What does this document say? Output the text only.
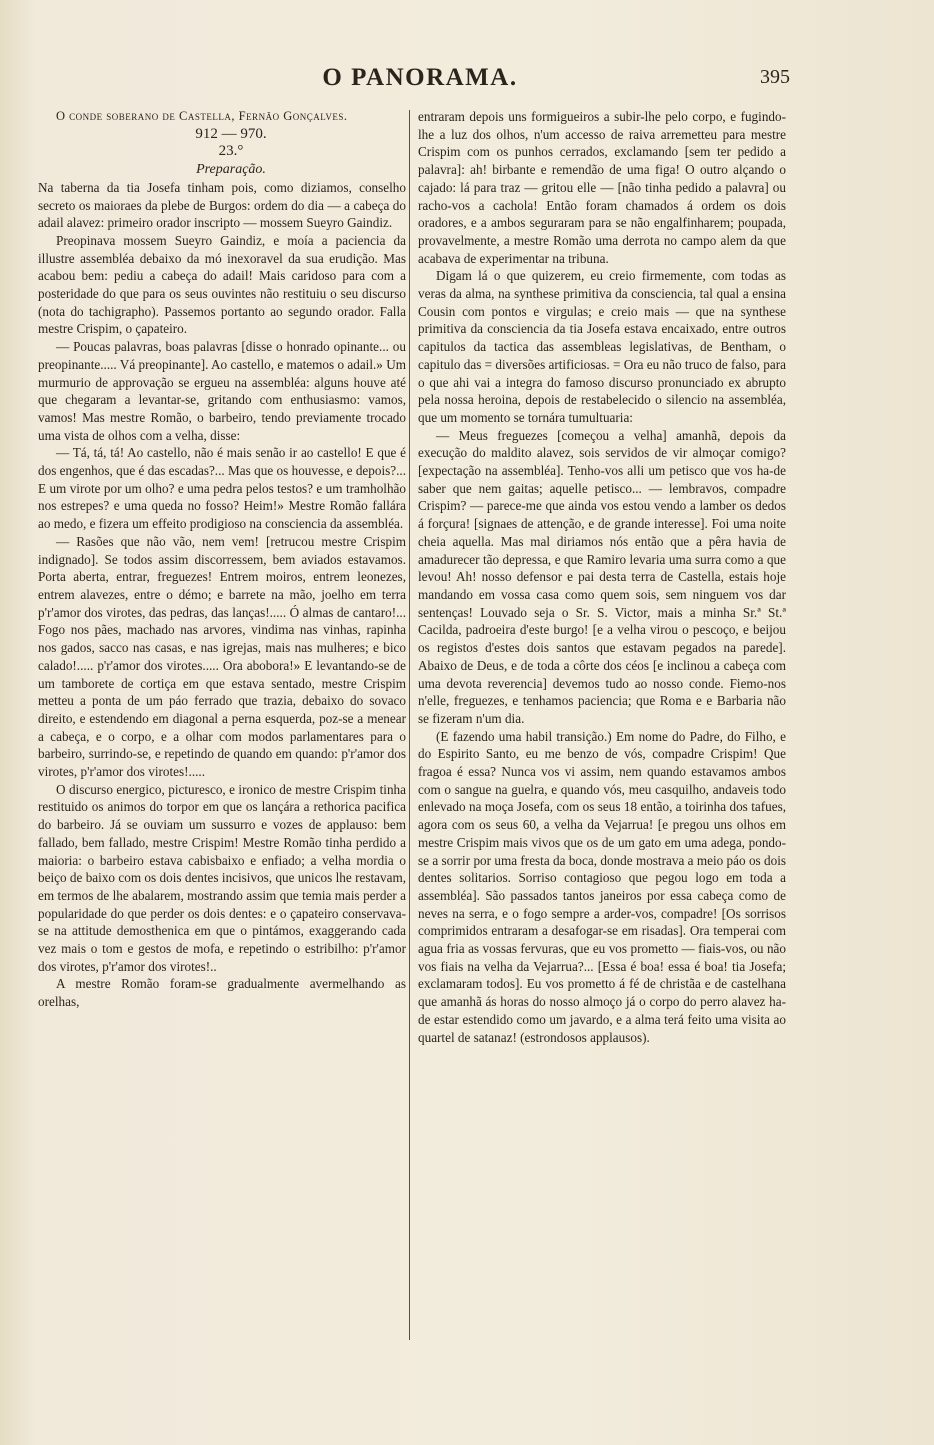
O PANORAMA.	395

O conde soberano de Castella, Fernão Gonçalves.

912 — 970.

23.°

Preparação.

Na taberna da tia Josefa tinham pois, como diziamos, conselho secreto os maioraes da plebe de Burgos: ordem do dia — a cabeça do adail alavez: primeiro orador inscripto — mossem Sueyro Gaindiz.

Preopinava mossem Sueyro Gaindiz, e moía a paciencia da illustre assembléa debaixo da mó inexoravel da sua erudição. Mas acabou bem: pediu a cabeça do adail! Mais caridoso para com a posteridade do que para os seus ouvintes não restituiu o seu discurso (nota do tachigrapho). Passemos portanto ao segundo orador. Falla mestre Crispim, o çapateiro.

— Poucas palavras, boas palavras [disse o honrado opinante... ou preopinante..... Vá preopinante]. Ao castello, e matemos o adail.» Um murmurio de approvação se ergueu na assembléa: alguns houve até que chegaram a levantar-se, gritando com enthusiasmo: vamos, vamos! Mas mestre Romão, o barbeiro, tendo previamente trocado uma vista de olhos com a velha, disse:

— Tá, tá, tá! Ao castello, não é mais senão ir ao castello! E que é dos engenhos, que é das escadas?... Mas que os houvesse, e depois?... E um virote por um olho? e uma pedra pelos testos? e um tramholhão nos estrepes? e uma queda no fosso? Heim!» Mestre Romão fallára ao medo, e fizera um effeito prodigioso na consciencia da assembléa.

— Rasões que não vão, nem vem! [retrucou mestre Crispim indignado]. Se todos assim discorressem, bem aviados estavamos. Porta aberta, entrar, freguezes! Entrem moiros, entrem leonezes, entrem alavezes, entre o démo; e barrete na mão, joelho em terra p'r'amor dos virotes, das pedras, das lanças!..... Ó almas de cantaro!... Fogo nos pães, machado nas arvores, vindima nas vinhas, rapinha nos gados, sacco nas casas, e nas igrejas, mais nas mulheres; e bico calado!..... p'r'amor dos virotes..... Ora abobora!» E levantando-se de um tamborete de cortiça em que estava sentado, mestre Crispim metteu a ponta de um páo ferrado que trazia, debaixo do sovaco direito, e estendendo em diagonal a perna esquerda, poz-se a menear a cabeça, e o corpo, e a olhar com modos parlamentares para o barbeiro, surrindo-se, e repetindo de quando em quando: p'r'amor dos virotes, p'r'amor dos virotes!.....

O discurso energico, picturesco, e ironico de mestre Crispim tinha restituido os animos do torpor em que os lançára a rethorica pacifica do barbeiro. Já se ouviam um sussurro e vozes de applauso: bem fallado, bem fallado, mestre Crispim! Mestre Romão tinha perdido a maioria: o barbeiro estava cabisbaixo e enfiado; a velha mordia o beiço de baixo com os dois dentes incisivos, que unicos lhe restavam, em termos de lhe abalarem, mostrando assim que temia mais perder a popularidade do que perder os dois dentes: e o çapateiro conservava-se na attitude demosthenica em que o pintámos, exaggerando cada vez mais o tom e gestos de mofa, e repetindo o estribilho: p'r'amor dos virotes, p'r'amor dos virotes!..

A mestre Romão foram-se gradualmente avermelhando as orelhas,

entraram depois uns formigueiros a subir-lhe pelo corpo, e fugindo-lhe a luz dos olhos, n'um accesso de raiva arremetteu para mestre Crispim com os punhos cerrados, exclamando [sem ter pedido a palavra]: ah! birbante e remendão de uma figa! O outro alçando o cajado: lá para traz — gritou elle — [não tinha pedido a palavra] ou racho-vos a cachola! Então foram chamados á ordem os dois oradores, e a ambos seguraram para se não engalfinharem; poupada, provavelmente, a mestre Romão uma derrota no campo alem da que acabava de experimentar na tribuna.

Digam lá o que quizerem, eu creio firmemente, com todas as veras da alma, na synthese primitiva da consciencia, tal qual a ensina Cousin com pontos e virgulas; e creio mais — que na synthese primitiva da consciencia da tia Josefa estava encaixado, entre outros capitulos da tactica das assembleas legislativas, de Bentham, o capitulo das = diversões artificiosas. = Ora eu não truco de falso, para o que ahi vai a integra do famoso discurso pronunciado ex abrupto pela nossa heroina, depois de restabelecido o silencio na assembléa, que um momento se tornára tumultuaria:

— Meus freguezes [começou a velha] amanhã, depois da execução do maldito alavez, sois servidos de vir almoçar comigo? [expectação na assembléa]. Tenho-vos alli um petisco que vos ha-de saber que nem gaitas; aquelle petisco... — lembravos, compadre Crispim? — parece-me que ainda vos estou vendo a lamber os dedos á forçura! [signaes de attenção, e de grande interesse]. Foi uma noite cheia aquella. Mas mal diriamos nós então que a pêra havia de amadurecer tão depressa, e que Ramiro levaria uma surra como a que levou! Ah! nosso defensor e pai desta terra de Castella, estais hoje mandando em vossa casa como quem sois, sem ninguem vos dar sentenças! Louvado seja o Sr. S. Victor, mais a minha Sr.ª St.ª Cacilda, padroeira d'este burgo! [e a velha virou o pescoço, e beijou os registos d'estes dois santos que estavam pegados na parede]. Abaixo de Deus, e de toda a côrte dos céos [e inclinou a cabeça com uma devota reverencia] devemos tudo ao nosso conde. Fiemo-nos n'elle, freguezes, e tenhamos paciencia; que Roma e e Barbaria não se fizeram n'um dia.

(E fazendo uma habil transição.) Em nome do Padre, do Filho, e do Espirito Santo, eu me benzo de vós, compadre Crispim! Que fragoa é essa? Nunca vos vi assim, nem quando estavamos ambos com o sangue na guelra, e quando vós, meu casquilho, andaveis todo enlevado na moça Josefa, com os seus 18 então, a toirinha dos tafues, agora com os seus 60, a velha da Vejarrua! [e pregou uns olhos em mestre Crispim mais vivos que os de um gato em uma adega, pondo-se a sorrir por uma fresta da boca, donde mostrava a meio páo os dois dentes solitarios. Sorriso contagioso que pegou logo em toda a assembléa]. São passados tantos janeiros por essa cabeça como de neves na serra, e o fogo sempre a arder-vos, compadre! [Os sorrisos comprimidos entraram a desafogar-se em risadas]. Ora temperai com agua fria as vossas fervuras, que eu vos prometto — fiais-vos, ou não vos fiais na velha da Vejarrua?... [Essa é boa! essa é boa! tia Josefa; exclamaram todos]. Eu vos prometto á fé de christãa e de castelhana que amanhã ás horas do nosso almoço já o corpo do perro alavez ha-de estar estendido como um javardo, e a alma terá feito uma visita ao quartel de satanaz! (estrondosos applausos).
